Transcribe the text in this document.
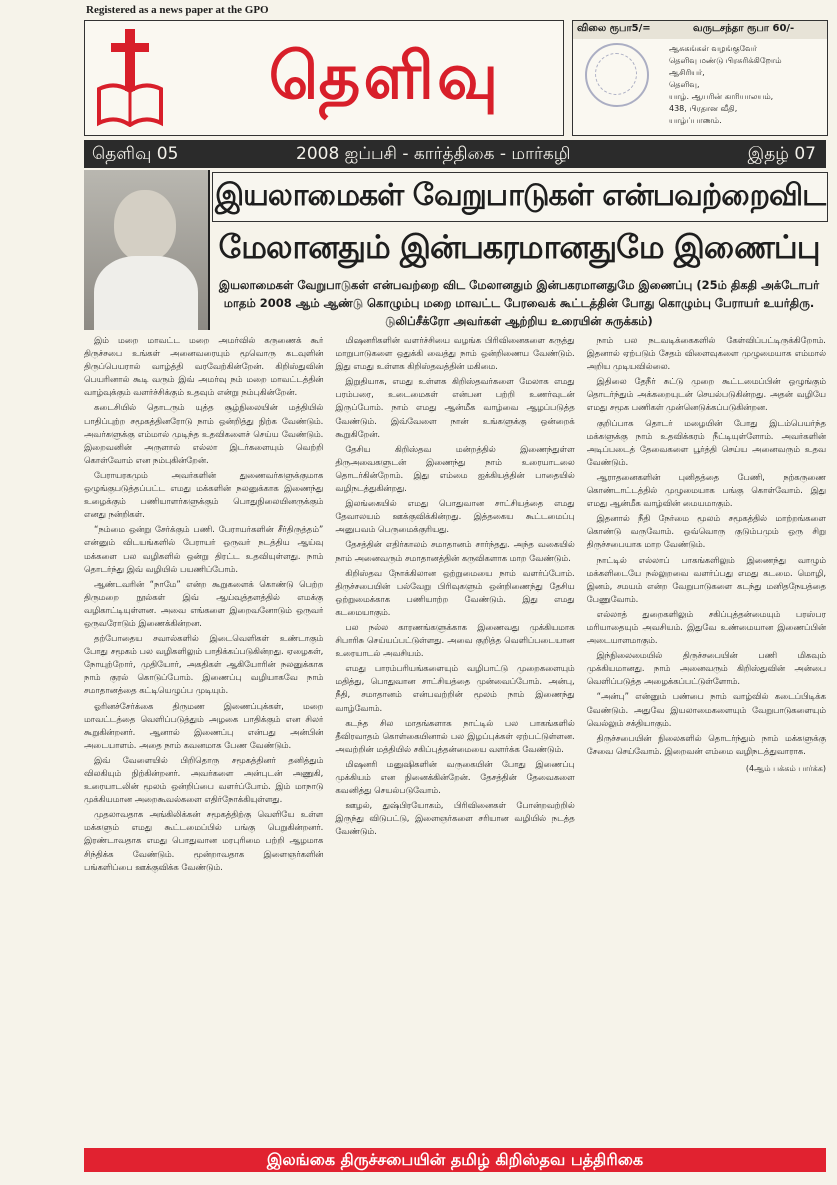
Registered as a news paper at the GPO
தெளிவு
விலை ரூபா5/=	வருடசந்தா ரூபா 60/-
ஆசுகங்கள் வழங்குவேர்
தெளிவு மண்டு பிரசுரிக்கிறோம்
ஆசிரியர்,
தெளிவு,
யாழ். ஆயரின் காரியாலயம்,
438, பிரதான வீதி,
யாழ்ப்பாணம்.
தெளிவு 05	2008 ஐப்பசி - கார்த்திகை - மார்கழி	இதழ் 07
இயலாமைகள் வேறுபாடுகள் என்பவற்றைவிட
மேலானதும் இன்பகரமானதுமே இணைப்பு
இயலாமைகள் வேறுபாடுகள் என்பவற்றை விட மேலானதும் இன்பகரமானதுமே இணைப்பு (25ம் திகதி அக்டோபர் மாதம் 2008 ஆம் ஆண்டு கொழும்பு மறை மாவட்ட பேரவைக் கூட்டத்தின் போது கொழும்பு பேராயர் உயர்திரு. டுலிப்சீக்ரோ அவர்கள் ஆற்றிய உரையின் சுருக்கம்)

இம் மறை மாவட்ட மறை அமர்வில் கருணைக் கூர் திருச்சபை உங்கள் அனைவரையும் மூவொரு கடவுளின் திருப்பெயரால் வாழ்த்தி வரவேற்கின்றேன். கிறிஸ்துவின் பெயரினால் கூடி வரும் இவ் அமர்வு நம் மறை மாவட்டத்தின் வாழ்வுக்கும் வளர்ச்சிக்கும் உதவும் என்று நம்புகின்றேன்.

கடைசியில் தொடரும் யுத்த சூழ்நிலையின் மத்தியில் பாதிப்புற்ற சமூகத்தினரோடு நாம் ஒன்றித்து நிற்க வேண்டும். அவர்களுக்கு எம்மால் முடிந்த உதவிகளைச் செய்ய வேண்டும். இறைவனின் அருளால் எல்லா இடர்களையும் வெற்றி கொள்வோம் என நம்புகின்றேன்.

பேராயரகமும் அவர்களின் துணைவர்களுக்குமாக ஒழுங்குபடுத்தப்பட்ட எமது மக்களின் நலனுக்காக இணைந்து உழைக்கும் பணியாளர்களுக்கும் பொதுநிலையினருக்கும் எனது நன்றிகள்.

“நம்மை ஒன்று சேர்க்கும் பணி. பேராயர்களின் சீர்திருத்தம்” என்னும் விடயங்களில் பேராயர் ஒருவர் நடத்திய ஆய்வு மக்களை பல வழிகளில் ஒன்று திரட்ட உதவியுள்ளது. நாம் தொடர்ந்து இவ் வழியில் பயணிப்போம்.

ஆண்டவரின் “நாமே” என்ற கூறுகளைக் கொண்டு பெற்ற திருமறை நூல்கள் இவ் ஆய்வுத்தளத்தில் எமக்கு வழிகாட்டியுள்ளன. அவை எங்களை இறைவனோடும் ஒருவர் ஒருவரோடும் இணைக்கின்றன.

தற்போதைய சவால்களில் இடைவெளிகள் உண்டாகும் போது சமூகம் பல வழிகளிலும் பாதிக்கப்படுகின்றது. ஏழைகள், நோயுற்றோர், முதியோர், அகதிகள் ஆகியோரின் நலனுக்காக நாம் குரல் கொடுப்போம். இணைப்பு வழியாகவே நாம் சமாதானத்தை கட்டியெழுப்ப முடியும்.

ஓரினச்சேர்க்கை திருமண இணைப்புக்கள், மறை மாவட்டத்தை வெளிப்படுத்தும் அழகை பாதிக்கும் என சிலர் கூறுகின்றனர். ஆனால் இணைப்பு என்பது அன்பின் அடையாளம். அதை நாம் கவனமாக பேண வேண்டும்.

இவ் வேளையில் பிறிதொரு சமூகத்தினர் தனித்தும் விலகியும் நிற்கின்றனர். அவர்களை அன்புடன் அணுகி, உரையாடலின் மூலம் ஒன்றிப்பை வளர்ப்போம். இம் மாநாடு முக்கியமான அறைகூவல்களை எதிர்நோக்கியுள்ளது.

முதலாவதாக அங்கிலிக்கன் சமூகத்திற்கு வெளியே உள்ள மக்களும் எமது கூட்டமைப்பில் பங்கு பெறுகின்றனர். இரண்டாவதாக எமது பொதுவான மரபுரிமை பற்றி ஆழமாக சிந்திக்க வேண்டும். மூன்றாவதாக இளைஞர்களின் பங்களிப்பை ஊக்குவிக்க வேண்டும்.

மிஷனரிகளின் வளர்ச்சியை வழங்க பிரிவினைகளை கருத்து மாறுபாடுகளை ஒதுக்கி வைத்து நாம் ஒன்றிணைய வேண்டும். இது எமது உள்ளக கிறிஸ்தவத்தின் மகிமை.

இறுதியாக, எமது உள்ளக கிறிஸ்தவர்களை மேலாக எமது பரம்பரை, உடைமைகள் என்பன பற்றி உணர்வுடன் இருப்போம். நாம் எமது ஆன்மீக வாழ்வை ஆழப்படுத்த வேண்டும். இவ்வேளை நான் உங்களுக்கு ஒன்றைக் கூறுகிறேன்.

தேசிய கிறிஸ்தவ மன்றத்தில் இணைந்துள்ள திருஅவைகளுடன் இணைந்து நாம் உரையாடலை தொடர்கின்றோம். இது எம்மை ஐக்கியத்தின் பாதையில் வழிநடத்துகின்றது.

இலங்கையில் எமது பொதுவான சாட்சியத்தை எமது தேவாலயம் ஊக்குவிக்கின்றது. இத்தகைய கூட்டமைப்பு அனுபவம் பெருமைக்குரியது.

தேசத்தின் எதிர்காலம் சமாதானம் சார்ந்தது. அந்த வகையில் நாம் அனைவரும் சமாதானத்தின் கருவிகளாக மாற வேண்டும்.

கிறிஸ்தவ நோக்கிலான ஒற்றுமையை நாம் வளர்ப்போம். திருச்சபையின் பல்வேறு பிரிவுகளும் ஒன்றிணைந்து தேசிய ஒற்றுமைக்காக பணியாற்ற வேண்டும். இது எமது கடமையாகும்.

பல நல்ல காரணங்களுக்காக இணைவது முக்கியமாக சிபாரிசு செய்யப்பட்டுள்ளது. அவை குறித்த வெளிப்படையான உரையாடல் அவசியம்.

எமது பாரம்பரியங்களையும் வழிபாட்டு முறைகளையும் மதித்து, பொதுவான சாட்சியத்தை முன்வைப்போம். அன்பு, நீதி, சமாதானம் என்பவற்றின் மூலம் நாம் இணைந்து வாழ்வோம்.

கடந்த சில மாதங்களாக நாட்டில் பல பாகங்களில் தீவிரவாதம் கொள்கையினால் பல இழப்புக்கள் ஏற்பட்டுள்ளன. அவற்றின் மத்தியில் சகிப்புத்தன்மையை வளர்க்க வேண்டும்.

மிஷனரி மனுஷிகளின் வருகையின் போது இணைப்பு முக்கியம் என நினைக்கின்றேன். தேசத்தின் தேவைகளை கவனித்து செயல்படுவோம்.

ஊழல், துஷ்பிரயோகம், பிரிவினைகள் போன்றவற்றில் இருந்து விடுபட்டு, இளைஞர்களை சரியான வழியில் நடத்த வேண்டும்.

நாம் பல நடவடிக்கைகளில் கேள்விப்பட்டிருக்கிறோம். இதனால் ஏற்படும் சேதம் விளைவுகளை முழுமையாக எம்மால் அறிய முடியவில்லை.

இதிலை தேநீர் சுட்டு முறை கூட்டமைப்பின் ஒழுங்கும் தொடர்ந்தும் அக்கறையுடன் செயல்படுகின்றது. அதன் வழியே எமது சமூக பணிகள் முன்னெடுக்கப்படுகின்றன.

குறிப்பாக தொடர் மழையின் போது இடம்பெயர்ந்த மக்களுக்கு நாம் உதவிக்கரம் நீட்டியுள்ளோம். அவர்களின் அடிப்படைத் தேவைகளை பூர்த்தி செய்ய அனைவரும் உதவ வேண்டும்.

ஆராதனைகளின் புனிதத்தை பேணி, நற்கருணை கொண்டாட்டத்தில் முழுமையாக பங்கு கொள்வோம். இது எமது ஆன்மீக வாழ்வின் மையமாகும்.

இதனால் நீதி நேர்மை மூலம் சமூகத்தில் மாற்றங்களை கொண்டு வருவோம். ஒவ்வொரு குடும்பமும் ஒரு சிறு திருச்சபையாக மாற வேண்டும்.

நாட்டில் எல்லாப் பாகங்களிலும் இணைந்து வாழும் மக்களிடையே நல்லுறவை வளர்ப்பது எமது கடமை. மொழி, இனம், சமயம் என்ற வேறுபாடுகளை கடந்து மனிதநேயத்தை பேணுவோம்.

எல்லாத் துறைகளிலும் சகிப்புத்தன்மையும் பரஸ்பர மரியாதையும் அவசியம். இதுவே உண்மையான இணைப்பின் அடையாளமாகும்.

இந்நிலைமையில் திருச்சபையின் பணி மிகவும் முக்கியமானது. நாம் அனைவரும் கிறிஸ்துவின் அன்பை வெளிப்படுத்த அழைக்கப்பட்டுள்ளோம்.

“அன்பு” என்னும் பண்பை நாம் வாழ்வில் கடைப்பிடிக்க வேண்டும். அதுவே இயலாமைகளையும் வேறுபாடுகளையும் வெல்லும் சக்தியாகும்.

திருச்சபையின் நிலைகளில் தொடர்ந்தும் நாம் மக்களுக்கு சேவை செய்வோம். இறைவன் எம்மை வழிநடத்துவாராக.

(4ஆம் பக்கம் பார்க்க)
இலங்கை திருச்சபையின் தமிழ் கிறிஸ்தவ பத்திரிகை
